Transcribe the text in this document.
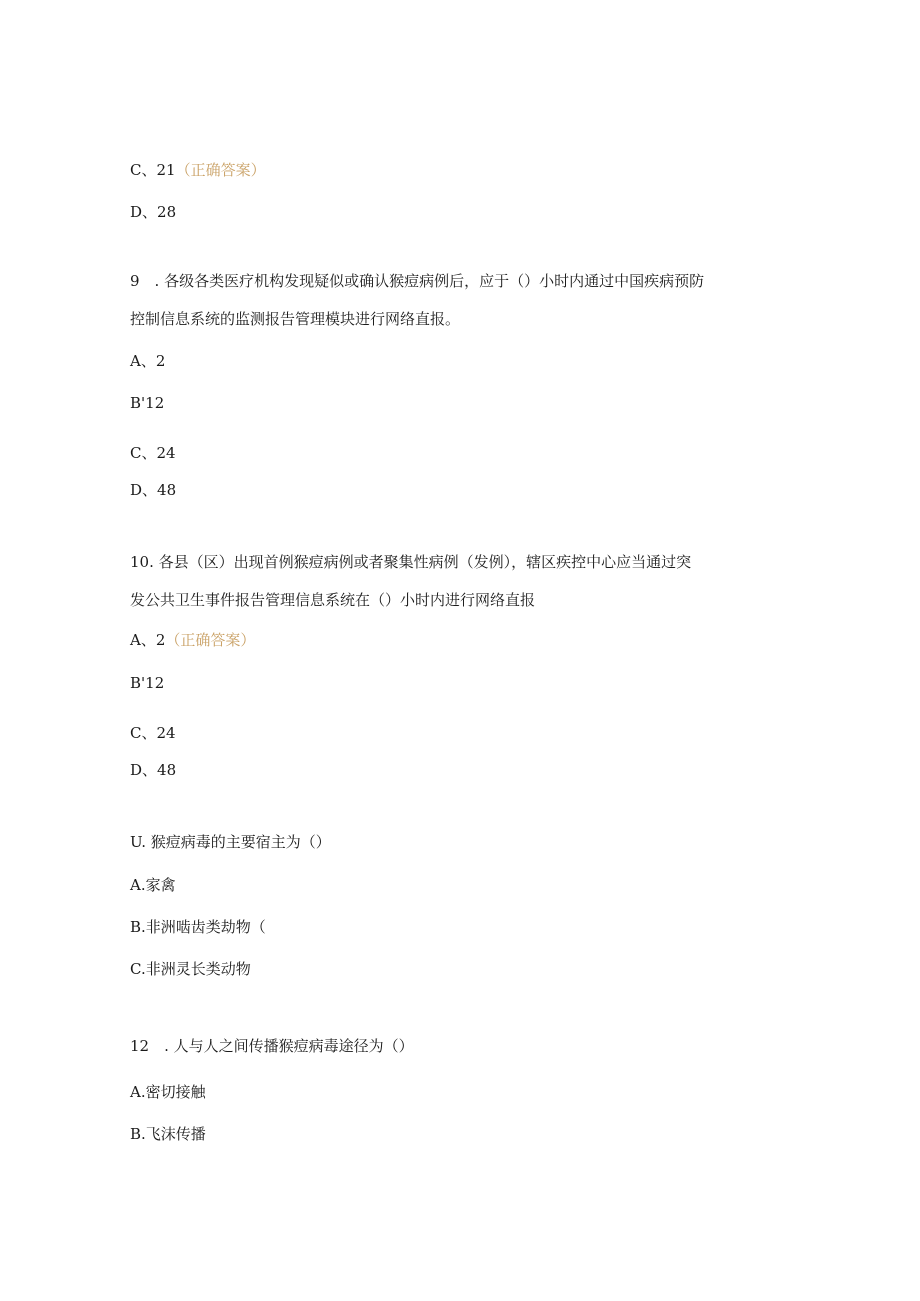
C、21（正确答案）
D、28
9　. 各级各类医疗机构发现疑似或确认猴痘病例后，应于（）小时内通过中国疾病预防
控制信息系统的监测报告管理模块进行网络直报。
A、2
B'12
C、24
D、48
10. 各县（区）出现首例猴痘病例或者聚集性病例（发例），辖区疾控中心应当通过突
发公共卫生事件报告管理信息系统在（）小时内进行网络直报
A、2（正确答案）
B'12
C、24
D、48
U. 猴痘病毒的主要宿主为（）
A.家禽
B.非洲啮齿类劫物（
C.非洲灵长类动物
12　. 人与人之间传播猴痘病毒途径为（）
A.密切接触
B.飞沫传播
